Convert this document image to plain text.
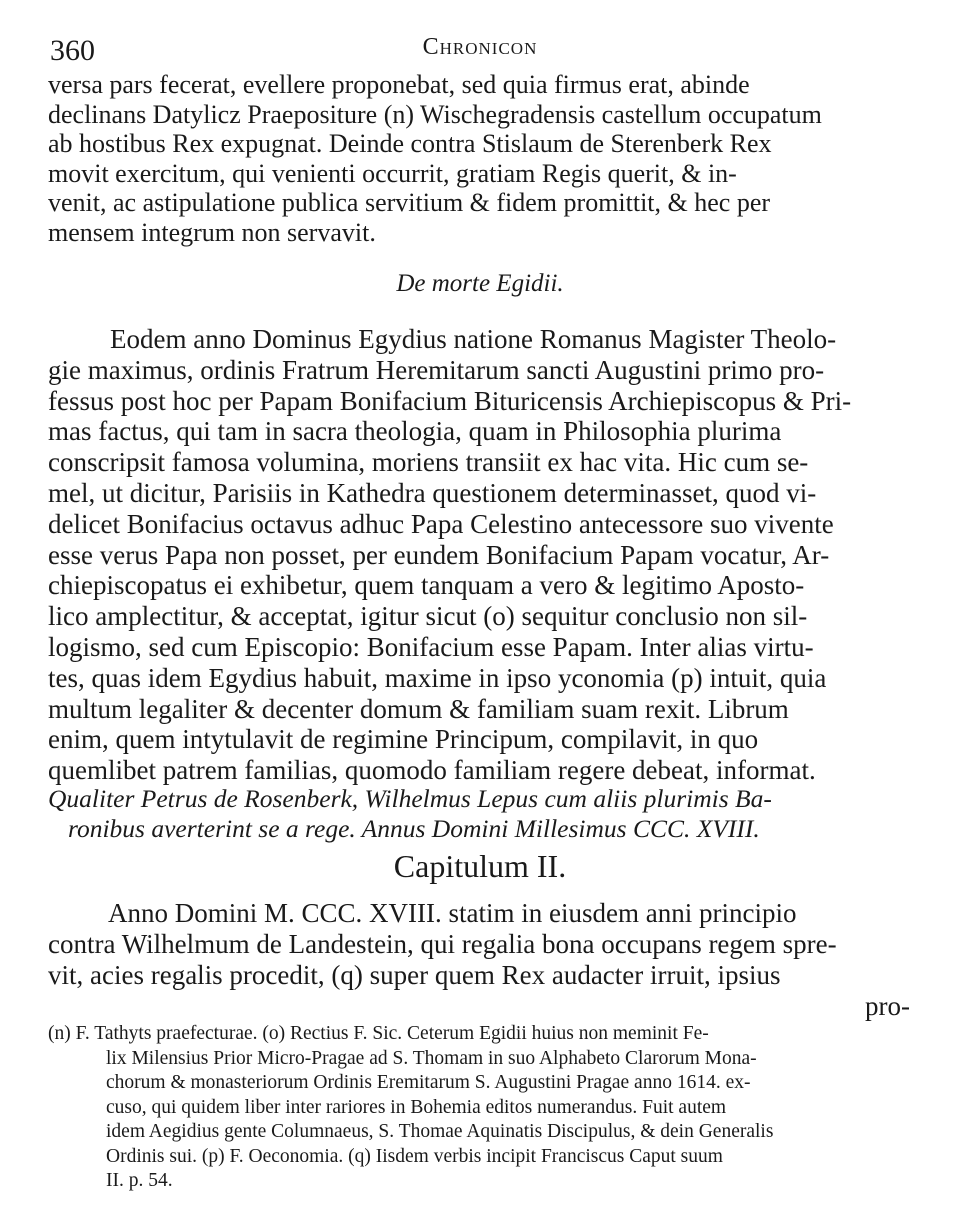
360	Chronicon
versa pars fecerat, evellere proponebat, sed quia firmus erat, abinde
declinans Datylicz Praepositure (n) Wischegradensis castellum occupatum
ab hostibus Rex expugnat. Deinde contra Stislaum de Sterenberk Rex
movit exercitum, qui venienti occurrit, gratiam Regis querit, & in-
venit, ac astipulatione publica servitium & fidem promittit, & hec per
mensem integrum non servavit.
De morte Egidii.
Eodem anno Dominus Egydius natione Romanus Magister Theolo-
gie maximus, ordinis Fratrum Heremitarum sancti Augustini primo pro-
fessus post hoc per Papam Bonifacium Bituricensis Archiepiscopus & Pri-
mas factus, qui tam in sacra theologia, quam in Philosophia plurima
conscripsit famosa volumina, moriens transiit ex hac vita. Hic cum se-
mel, ut dicitur, Parisiis in Kathedra questionem determinasset, quod vi-
delicet Bonifacius octavus adhuc Papa Celestino antecessore suo vivente
esse verus Papa non posset, per eundem Bonifacium Papam vocatur, Ar-
chiepiscopatus ei exhibetur, quem tanquam a vero & legitimo Aposto-
lico amplectitur, & acceptat, igitur sicut (o) sequitur conclusio non sil-
logismo, sed cum Episcopio: Bonifacium esse Papam. Inter alias virtu-
tes, quas idem Egydius habuit, maxime in ipso yconomia (p) intuit, quia
multum legaliter & decenter domum & familiam suam rexit. Librum
enim, quem intytulavit de regimine Principum, compilavit, in quo
quemlibet patrem familias, quomodo familiam regere debeat, informat.
Qualiter Petrus de Rosenberk, Wilhelmus Lepus cum aliis plurimis Ba-
ronibus averterint se a rege. Annus Domini Millesimus CCC. XVIII.
Capitulum II.
Anno Domini M. CCC. XVIII. statim in eiusdem anni principio
contra Wilhelmum de Landestein, qui regalia bona occupans regem spre-
vit, acies regalis procedit, (q) super quem Rex audacter irruit, ipsius
pro-
(n) F. Tathyts praefecturae. (o) Rectius F. Sic. Ceterum Egidii huius non meminit Fe-
lix Milensius Prior Micro-Pragae ad S. Thomam in suo Alphabeto Clarorum Mona-
chorum & monasteriorum Ordinis Eremitarum S. Augustini Pragae anno 1614. ex-
cuso, qui quidem liber inter rariores in Bohemia editos numerandus. Fuit autem
idem Aegidius gente Columnaeus, S. Thomae Aquinatis Discipulus, & dein Generalis
Ordinis sui. (p) F. Oeconomia. (q) Iisdem verbis incipit Franciscus Caput suum
II. p. 54.
